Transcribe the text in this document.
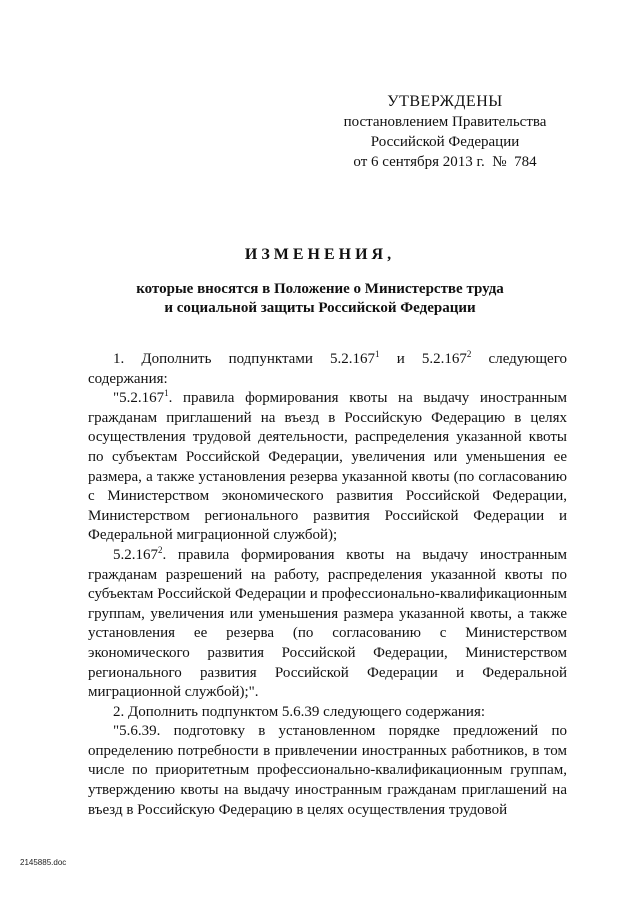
УТВЕРЖДЕНЫ
постановлением Правительства
Российской Федерации
от 6 сентября 2013 г. № 784
ИЗМЕНЕНИЯ,
которые вносятся в Положение о Министерстве труда
и социальной защиты Российской Федерации

1. Дополнить подпунктами 5.2.167$^1$ и 5.2.167$^2$ следующего содержания:

"5.2.167$^1$. правила формирования квоты на выдачу иностранным гражданам приглашений на въезд в Российскую Федерацию в целях осуществления трудовой деятельности, распределения указанной квоты по субъектам Российской Федерации, увеличения или уменьшения ее размера, а также установления резерва указанной квоты (по согласованию с Министерством экономического развития Российской Федерации, Министерством регионального развития Российской Федерации и Федеральной миграционной службой);

5.2.167$^2$. правила формирования квоты на выдачу иностранным гражданам разрешений на работу, распределения указанной квоты по субъектам Российской Федерации и профессионально-квалификационным группам, увеличения или уменьшения размера указанной квоты, а также установления ее резерва (по согласованию с Министерством экономического развития Российской Федерации, Министерством регионального развития Российской Федерации и Федеральной миграционной службой);".

2. Дополнить подпунктом 5.6.39 следующего содержания:

"5.6.39. подготовку в установленном порядке предложений по определению потребности в привлечении иностранных работников, в том числе по приоритетным профессионально-квалификационным группам, утверждению квоты на выдачу иностранным гражданам приглашений на въезд в Российскую Федерацию в целях осуществления трудовой

2145885.doc
